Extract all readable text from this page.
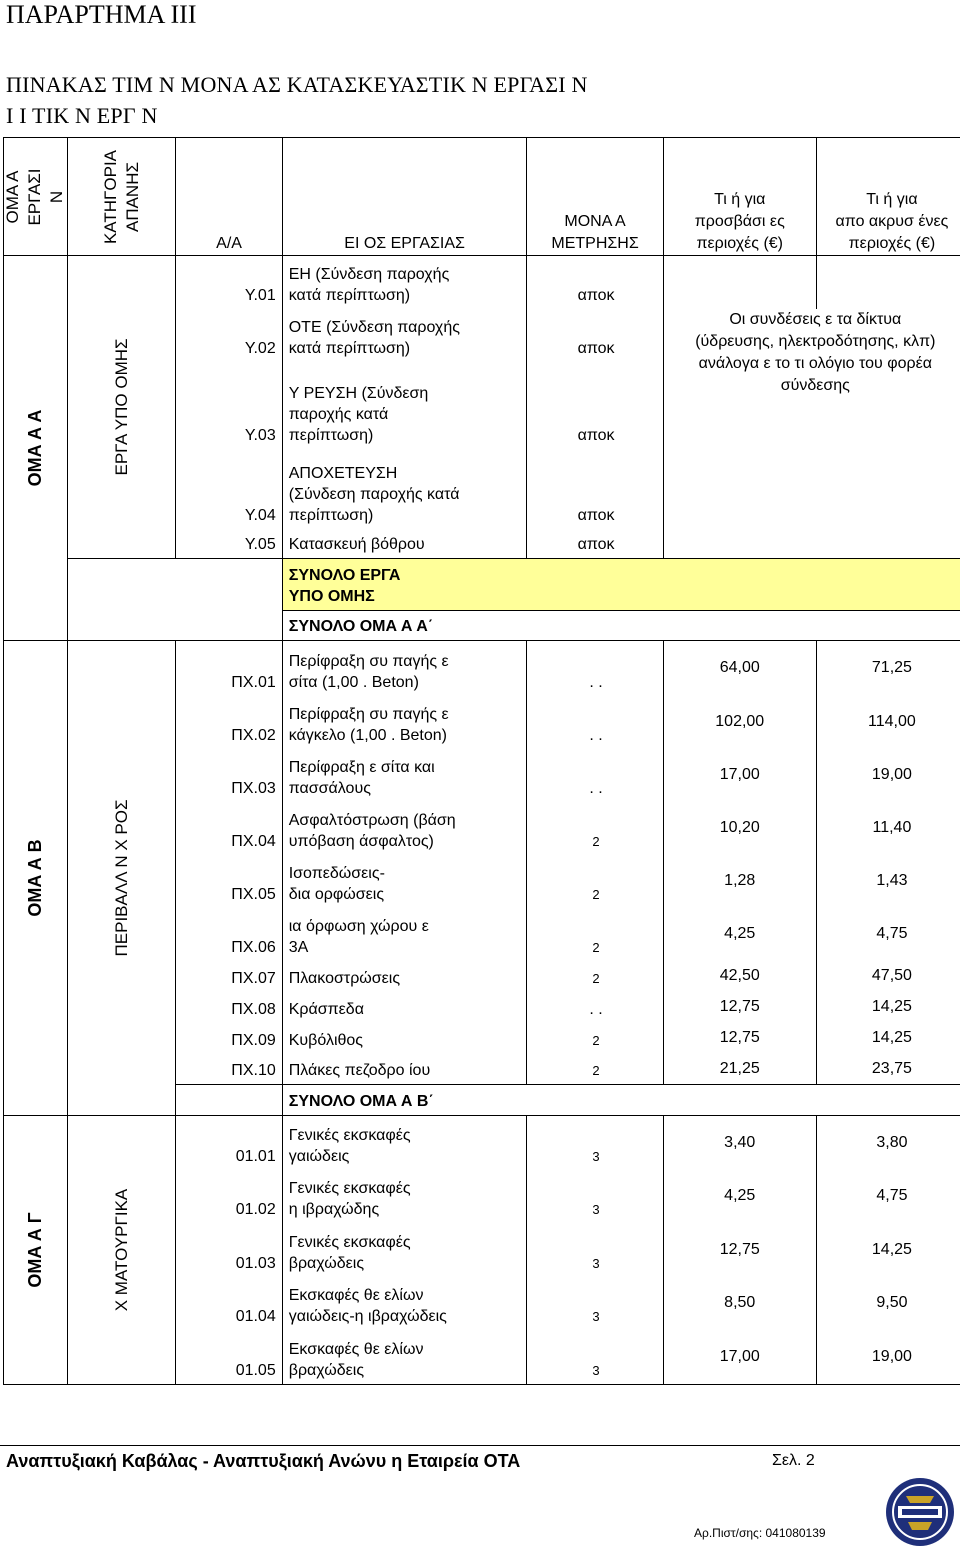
ΠΑΡΑΡΤΗΜΑ ΙΙΙ
ΠΙΝΑΚΑΣ ΤΙΜ Ν ΜΟΝΑ ΑΣ ΚΑΤΑΣΚΕΥΑΣΤΙΚ Ν ΕΡΓΑΣΙ Ν
Ι Ι ΤΙΚ Ν ΕΡΓ Ν
ΟΜΑ Α
ΕΡΓΑΣΙ Ν	ΚΑΤΗΓΟΡΙΑ
ΑΠΑΝΗΣ	Α/Α	ΕΙ ΟΣ ΕΡΓΑΣΙΑΣ	ΜΟΝΑ Α
ΜΕΤΡΗΣΗΣ	Τι ή για
προσβάσι ες
περιοχές (€)	Τι ή για
απο ακρυσ ένες
περιοχές (€)

ΟΜΑ Α Α	ΕΡΓΑ ΥΠΟ ΟΜΗΣ	Υ.01	ΕΗ (Σύνδεση παροχής
κατά περίπτωση)	αποκ		

		Υ.02	ΟΤΕ (Σύνδεση παροχής
κατά περίπτωση)	αποκ	Οι συνδέσεις ε τα δίκτυα
(ύδρευσης, ηλεκτροδότησης, κλπ)
ανάλογα ε το τι ολόγιο του φορέα
σύνδεσης	

		Υ.03	Υ ΡΕΥΣΗ (Σύνδεση
παροχής κατά
περίπτωση)	αποκ		

		Υ.04	ΑΠΟΧΕΤΕΥΣΗ
(Σύνδεση παροχής κατά
περίπτωση)	αποκ		

		Υ.05	Κατασκευή βόθρου	αποκ		

			ΣΥΝΟΛΟ ΕΡΓΑ
ΥΠΟ ΟΜΗΣ			

			ΣΥΝΟΛΟ ΟΜΑ Α Α΄			

ΟΜΑ Α Β	ΠΕΡΙΒΑΛΛ Ν Χ ΡΟΣ	ΠΧ.01	Περίφραξη συ παγής ε
σίτα (1,00 . Beton)	. .	64,00	71,25

		ΠΧ.02	Περίφραξη συ παγής ε
κάγκελο (1,00 . Beton)	. .	102,00	114,00

		ΠΧ.03	Περίφραξη ε σίτα και
πασσάλους	. .	17,00	19,00

		ΠΧ.04	Ασφαλτόστρωση (βάση
υπόβαση άσφαλτος)	2	10,20	11,40

		ΠΧ.05	Ισοπεδώσεις-
δια ορφώσεις	2	1,28	1,43

		ΠΧ.06	ια όρφωση χώρου ε
3Α	2	4,25	4,75

		ΠΧ.07	Πλακοστρώσεις	2	42,50	47,50

		ΠΧ.08	Κράσπεδα	. .	12,75	14,25

		ΠΧ.09	Κυβόλιθος	2	12,75	14,25

		ΠΧ.10	Πλάκες πεζοδρο ίου	2	21,25	23,75

			ΣΥΝΟΛΟ ΟΜΑ Α Β΄			

ΟΜΑ Α Γ	Χ ΜΑΤΟΥΡΓΙΚΑ	01.01	Γενικές εκσκαφές
γαιώδεις	3	3,40	3,80

		01.02	Γενικές εκσκαφές
η ιβραχώδης	3	4,25	4,75

		01.03	Γενικές εκσκαφές
βραχώδεις	3	12,75	14,25

		01.04	Εκσκαφές θε ελίων
γαιώδεις-η ιβραχώδεις	3	8,50	9,50

		01.05	Εκσκαφές θε ελίων
βραχώδεις	3	17,00	19,00
Αναπτυξιακή Καβάλας - Αναπτυξιακή Ανώνυ η Εταιρεία ΟΤΑ	Σελ. 2
Αρ.Πιστ/σης: 041080139
